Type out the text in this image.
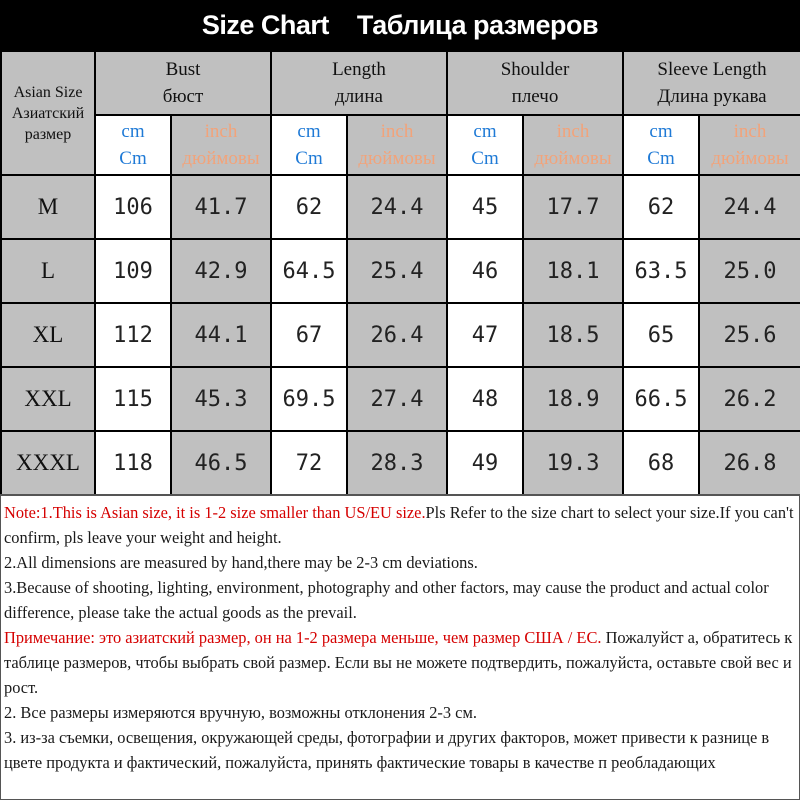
Size Chart Таблица размеров
Asian Size
Азиатский
размер
Bust
бюст
cm
Cm
inch
дюймовы
Length
длина
cm
Cm
inch
дюймовы
Shoulder
плечо
cm
Cm
inch
дюймовы
Sleeve Length
Длина рукава
cm
Cm
inch
дюймовы
M 106 41.7 62 24.4 45 17.7 62 24.4
L	109 42.9 64.5 25.4 46 18.1 63.5 25.0
XL 112 44.1 67 26.4 47 18.5 65 25.6
XXL 115 45.3 69.5 27.4 48 18.9 66.5 26.2
XXXL 118 46.5 72 28.3 49 19.3 68 26.8

Note:1.This is Asian size, it is 1-2 size smaller than US/EU size.Pls Refer to the size chart to select your size.If you can't confirm, pls leave your weight and height.

2.All dimensions are measured by hand,there may be 2-3 cm deviations.

3.Because of shooting, lighting, environment, photography and other factors, may cause the product and actual color difference, please take the actual goods as the prevail.

Примечание: это азиатский размер, он на 1-2 размера меньше, чем размер США / ЕС. Пожалуйст а, обратитесь к таблице размеров, чтобы выбрать свой размер. Если вы не можете подтвердить, пожалуйста, оставьте свой вес и рост.

2. Все размеры измеряются вручную, возможны отклонения 2-3 см.

3. из-за съемки, освещения, окружающей среды, фотографии и других факторов, может привести к разнице в цвете продукта и фактический, пожалуйста, принять фактические товары в качестве п реобладающих
